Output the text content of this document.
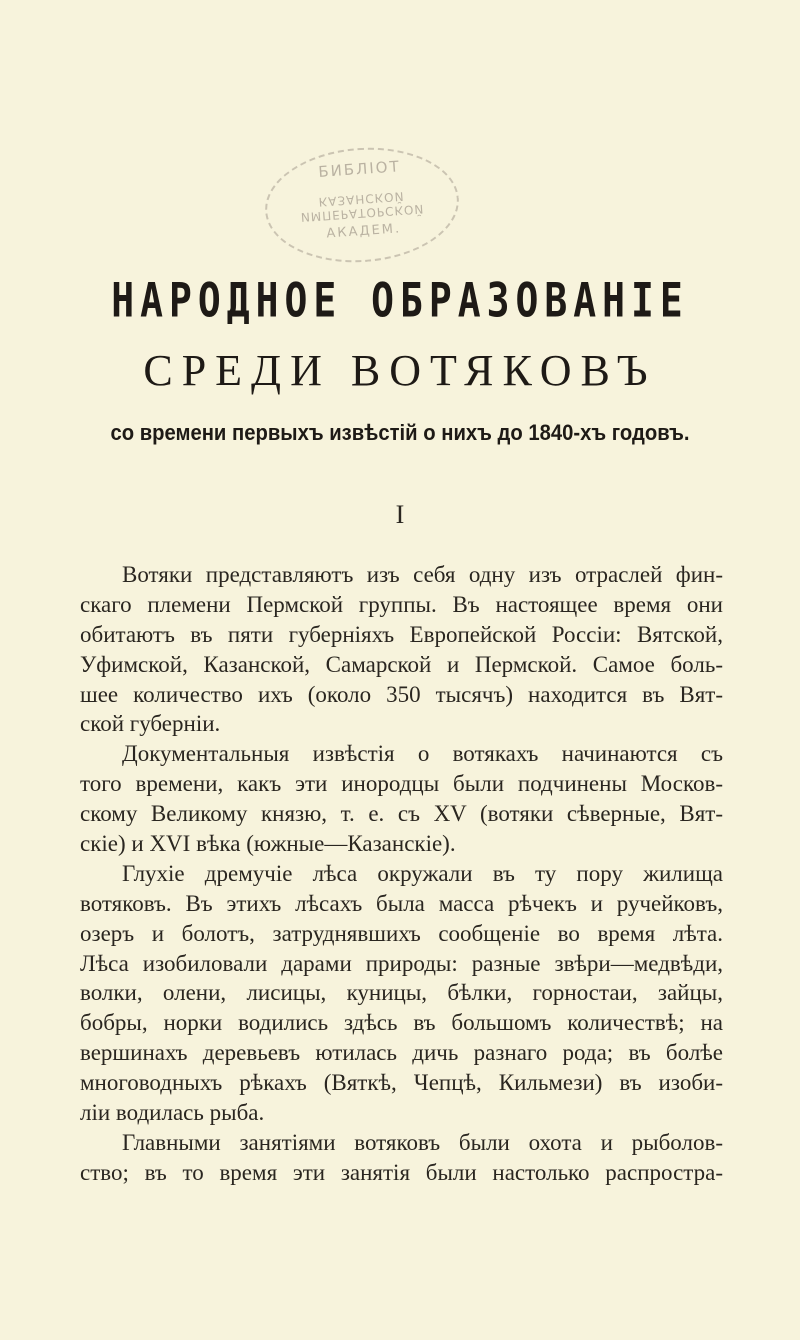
БИБЛIОТ
ИМПЕРАТОРСКОЙ КАЗАНСКОЙ
АКАДЕМ.
НАРОДНОЕ ОБРАЗОВАНIЕ
СРЕДИ ВОТЯКОВЪ
со времени первыхъ извѣстiй о нихъ до 1840-хъ годовъ.
I
Вотяки представляютъ изъ себя одну изъ отраслей фин-
скаго племени Пермской группы. Въ настоящее время они
обитаютъ въ пяти губернiяхъ Европейской Россiи: Вятской,
Уфимской, Казанской, Самарской и Пермской. Самое боль-
шее количество ихъ (около 350 тысячъ) находится въ Вят-
ской губернiи.
Документальныя извѣстiя о вотякахъ начинаются съ
того времени, какъ эти инородцы были подчинены Москов-
скому Великому князю, т. е. съ XV (вотяки сѣверные, Вят-
скiе) и XVI вѣка (южные—Казанскiе).
Глухiе дремучiе лѣса окружали въ ту пору жилища
вотяковъ. Въ этихъ лѣсахъ была масса рѣчекъ и ручейковъ,
озеръ и болотъ, затруднявшихъ сообщенiе во время лѣта.
Лѣса изобиловали дарами природы: разные звѣри—медвѣди,
волки, олени, лисицы, куницы, бѣлки, горностаи, зайцы,
бобры, норки водились здѣсь въ большомъ количествѣ; на
вершинахъ деревьевъ ютилась дичь разнаго рода; въ болѣе
многоводныхъ рѣкахъ (Вяткѣ, Чепцѣ, Кильмези) въ изоби-
лiи водилась рыба.
Главными занятiями вотяковъ были охота и рыболов-
ство; въ то время эти занятiя были настолько распростра-
